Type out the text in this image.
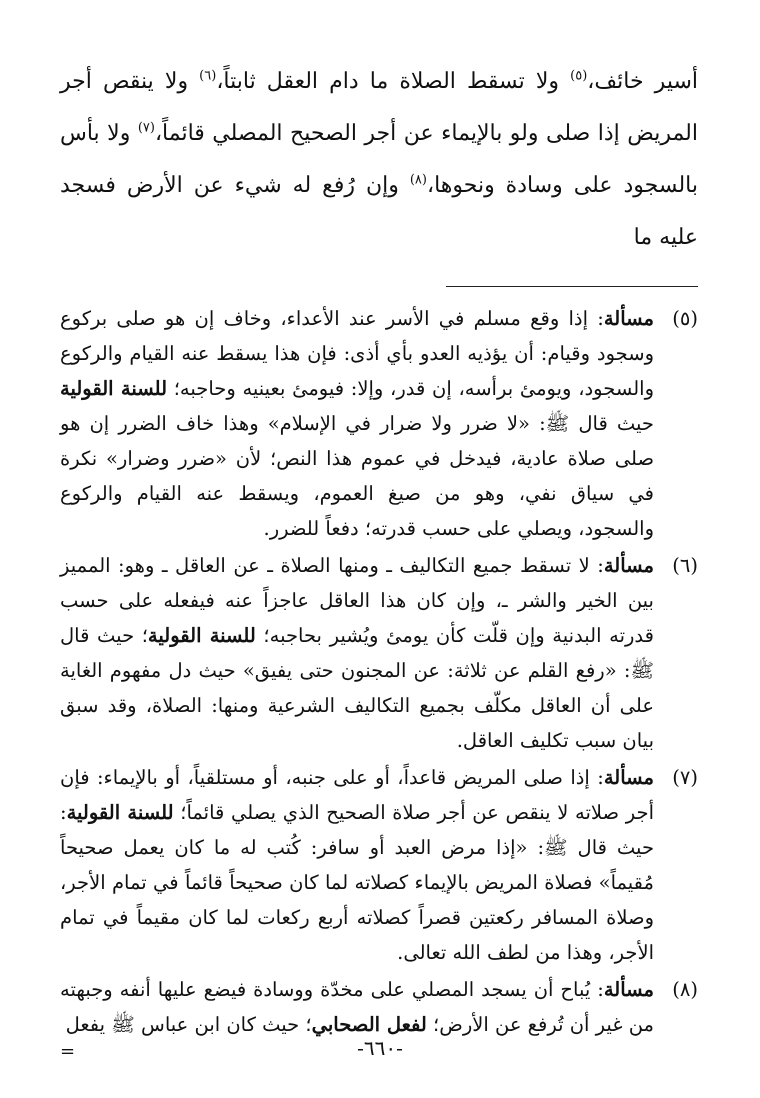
أسير خائف،$^{(٥)}$ ولا تسقط الصلاة ما دام العقل ثابتاً،$^{(٦)}$ ولا ينقص أجر المريض إذا صلى ولو بالإيماء عن أجر الصحيح المصلي قائماً،$^{(٧)}$ ولا بأس بالسجود على وسادة ونحوها،$^{(٨)}$ وإن رُفع له شيء عن الأرض فسجد عليه ما

(٥)
مسألة: إذا وقع مسلم في الأسر عند الأعداء، وخاف إن هو صلى بركوع وسجود وقيام: أن يؤذيه العدو بأي أذى: فإن هذا يسقط عنه القيام والركوع والسجود، ويومئ برأسه، إن قدر، وإلا: فيومئ بعينيه وحاجبه؛ للسنة القولية حيث قال ﷺ: «لا ضرر ولا ضرار في الإسلام» وهذا خاف الضرر إن هو صلى صلاة عادية، فيدخل في عموم هذا النص؛ لأن «ضرر وضرار» نكرة في سياق نفي، وهو من صيغ العموم، ويسقط عنه القيام والركوع والسجود، ويصلي على حسب قدرته؛ دفعاً للضرر.

(٦)
مسألة: لا تسقط جميع التكاليف ـ ومنها الصلاة ـ عن العاقل ـ وهو: المميز بين الخير والشر ـ، وإن كان هذا العاقل عاجزاً عنه فيفعله على حسب قدرته البدنية وإن قلّت كأن يومئ ويُشير بحاجبه؛ للسنة القولية؛ حيث قال ﷺ: «رفع القلم عن ثلاثة: عن المجنون حتى يفيق» حيث دل مفهوم الغاية على أن العاقل مكلّف بجميع التكاليف الشرعية ومنها: الصلاة، وقد سبق بيان سبب تكليف العاقل.

(٧)
مسألة: إذا صلى المريض قاعداً، أو على جنبه، أو مستلقياً، أو بالإيماء: فإن أجر صلاته لا ينقص عن أجر صلاة الصحيح الذي يصلي قائماً؛ للسنة القولية: حيث قال ﷺ: «إذا مرض العبد أو سافر: كُتب له ما كان يعمل صحيحاً مُقيماً» فصلاة المريض بالإيماء كصلاته لما كان صحيحاً قائماً في تمام الأجر، وصلاة المسافر ركعتين قصراً كصلاته أربع ركعات لما كان مقيماً في تمام الأجر، وهذا من لطف الله تعالى.

(٨)
مسألة: يُباح أن يسجد المصلي على مخدّة ووسادة فيضع عليها أنفه وجبهته من غير أن تُرفع عن الأرض؛ لفعل الصحابي؛ حيث كان ابن عباس ﷺ يفعل
=	-٦٦٠-
